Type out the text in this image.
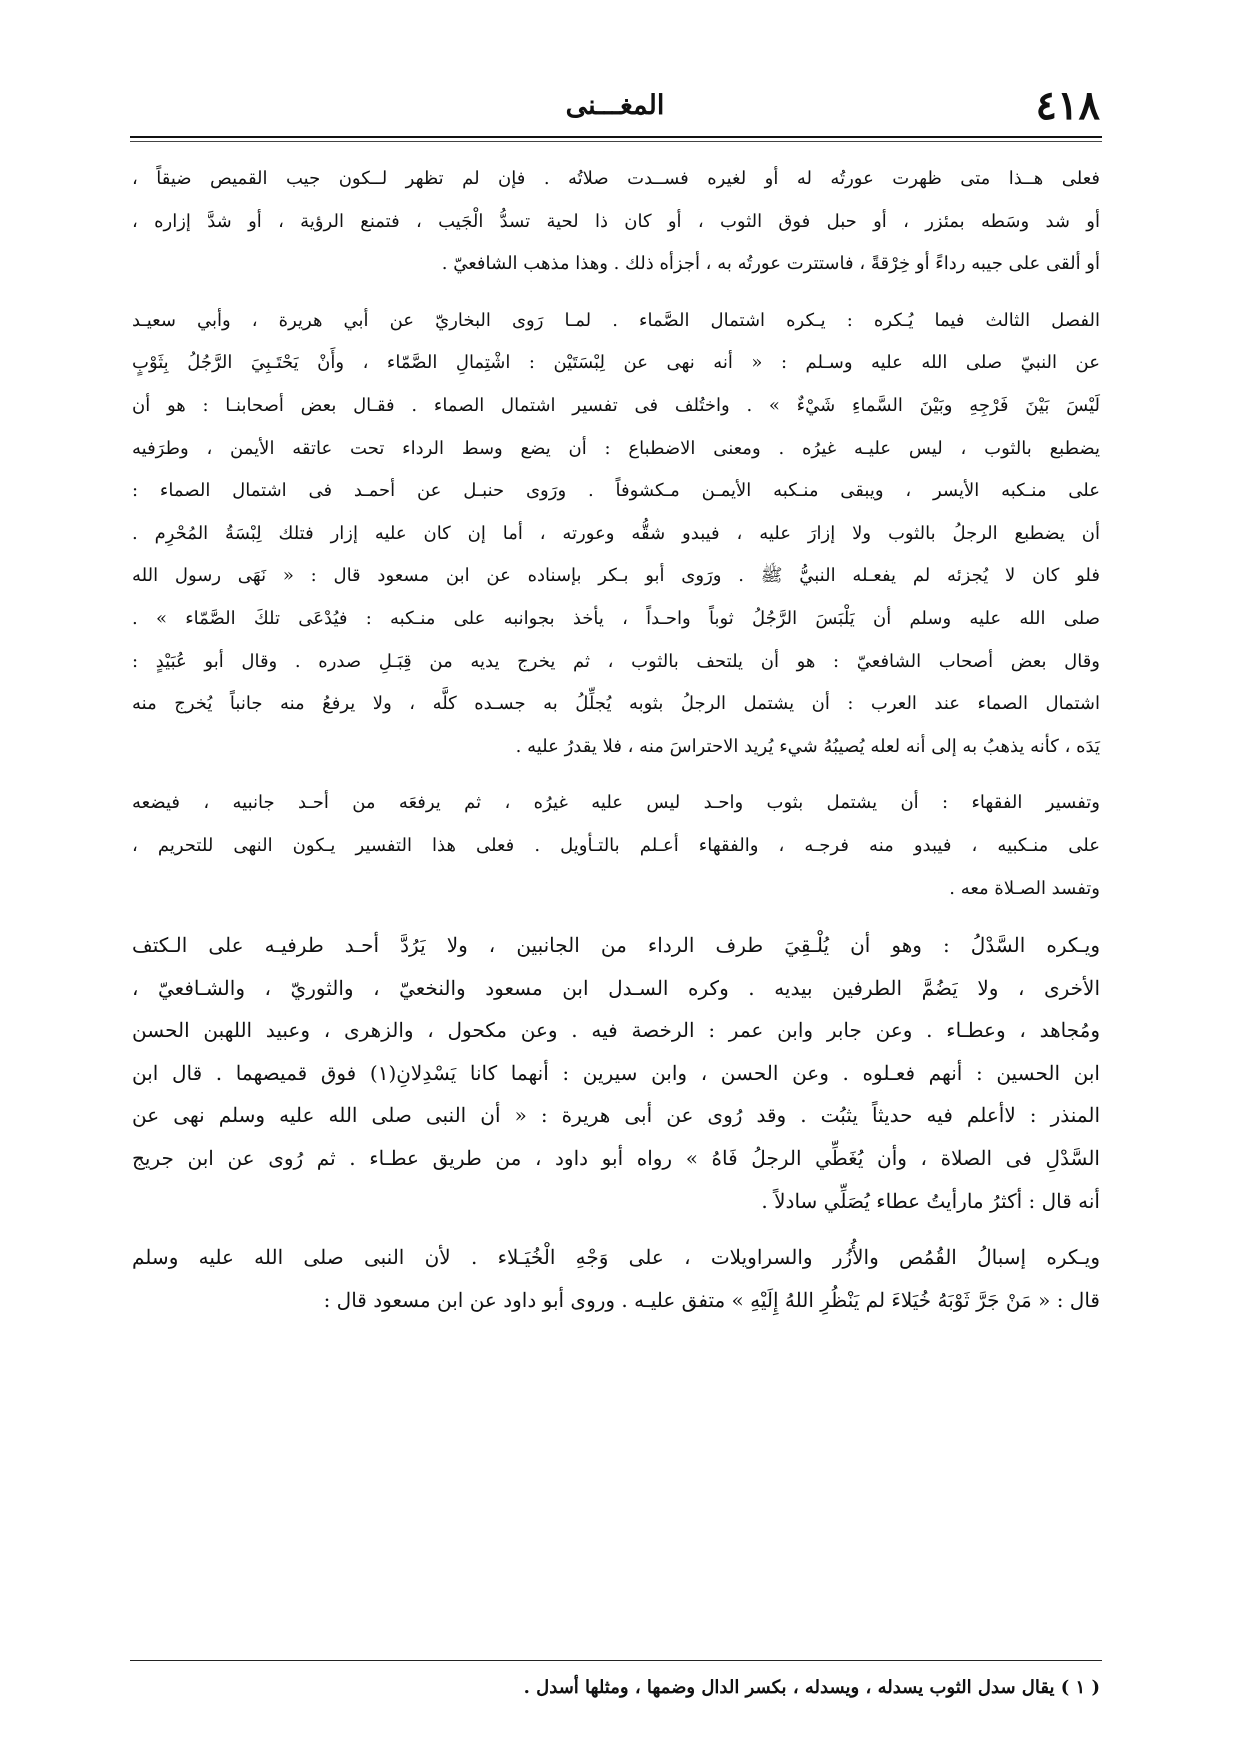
٤١٨
المغـــنى
فعلى هــذا متى ظهرت عورتُه له أو لغيره فســدت صلاتُه . فإن لم تظهر لــكون جيب القميص ضيقاً ،
أو شد وسَطه بمئزر ، أو حبل فوق الثوب ، أو كان ذا لحية تسدُّ الْجَيب ، فتمنع الرؤية ، أو شدَّ إزاره ،
أو ألقى على جيبه رداءً أو خِرْقةً ، فاستترت عورتُه به ، أجزأه ذلك . وهذا مذهب الشافعيّ .
الفصل الثالث فيما يُـكره : يـكره اشتمال الصَّماء . لمـا رَوى البخاريّ عن أبي هريرة ، وأبي سعيـد
عن النبيّ صلى الله عليه وسـلم : « أنه نهى عن لِبْسَتَيْن : اشْتِمالِ الصَّمّاء ، وأَنْ يَحْتَـبِيَ الرَّجُلُ بِثَوْبٍ
لَيْسَ بَيْنَ فَرْجِهِ وبَيْنَ السَّماءِ شَيْءٌ » . واختُلف فى تفسير اشتمال الصماء . فقـال بعض أصحابنـا : هو أن
يضطبع بالثوب ، ليس عليـه غيرُه . ومعنى الاضطباع : أن يضع وسط الرداء تحت عاتقه الأيمن ، وطرَفيه
على منـكبه الأيسر ، ويبقى منـكبه الأيمـن مـكشوفاً . ورَوى حنبـل عن أحمـد فى اشتمال الصماء :
أن يضطبع الرجلُ بالثوب ولا إزارَ عليه ، فيبدو شقُّه وعورته ، أما إن كان عليه إزار فتلك لِبْسَةُ المُحْرِم .
فلو كان لا يُجزئه لم يفعـله النبيُّ ﷺ . ورَوى أبو بـكر بإسناده عن ابن مسعود قال : « نَهَى رسول الله
صلى الله عليه وسلم أن يَلْبَسَ الرَّجُلُ ثوباً واحـداً ، يأخذ بجوانبه على منـكبه : فيُدْعَى تلكَ الصَّمّاء » .
وقال بعض أصحاب الشافعيّ : هو أن يلتحف بالثوب ، ثم يخرج يديه من قِبَـلِ صدره . وقال أبو عُبَيْدٍ :
اشتمال الصماء عند العرب : أن يشتمل الرجلُ بثوبه يُجلِّلُ به جسـده كلَّه ، ولا يرفعُ منه جانباً يُخرج منه
يَدَه ، كأنه يذهبُ به إلى أنه لعله يُصيبُهُ شيء يُريد الاحتراسَ منه ، فلا يقدرُ عليه .
وتفسير الفقهاء : أن يشتمل بثوب واحـد ليس عليه غيرُه ، ثم يرفعَه من أحـد جانبيه ، فيضعه
على منـكبيه ، فيبدو منه فرجـه ، والفقهاء أعـلم بالتـأويل . فعلى هذا التفسير يـكون النهى للتحريم ،
وتفسد الصـلاة معه .
ويـكره السَّدْلُ : وهو أن يُلْـقِيَ طرف الرداء من الجانبين ، ولا يَرُدَّ أحـد طرفيـه على الـكتف
الأخرى ، ولا يَضُمَّ الطرفين بيديه . وكره السـدل ابن مسعود والنخعيّ ، والثوريّ ، والشـافعيّ ،
ومُجاهد ، وعطـاء . وعن جابر وابن عمر : الرخصة فيه . وعن مكحول ، والزهرى ، وعبيد اللهبن الحسن
ابن الحسين : أنهم فعـلوه . وعن الحسن ، وابن سيرين : أنهما كانا يَسْدِلانِ(١) فوق قميصهما . قال ابن
المنذر : لاأعلم فيه حديثاً يثبُت . وقد رُوى عن أبى هريرة : « أن النبى صلى الله عليه وسلم نهى عن
السَّدْلِ فى الصلاة ، وأن يُغَطِّي الرجلُ فَاهُ » رواه أبو داود ، من طريق عطـاء . ثم رُوى عن ابن جريج
أنه قال : أكثرُ مارأيتُ عطاء يُصَلِّي سادلاً .
ويـكره إسبالُ القُمُص والأُزُر والسراويلات ، على وَجْهِ الْخُيَـلاء . لأن النبى صلى الله عليه وسلم
قال : « مَنْ جَرَّ ثَوْبَهُ خُيَلاءَ لم يَنْظُرِ اللهُ إِلَيْهِ » متفق عليـه . وروى أبو داود عن ابن مسعود قال :
( ١ ) يقال سدل الثوب يسدله ، ويسدله ، بكسر الدال وضمها ، ومثلها أسدل .
